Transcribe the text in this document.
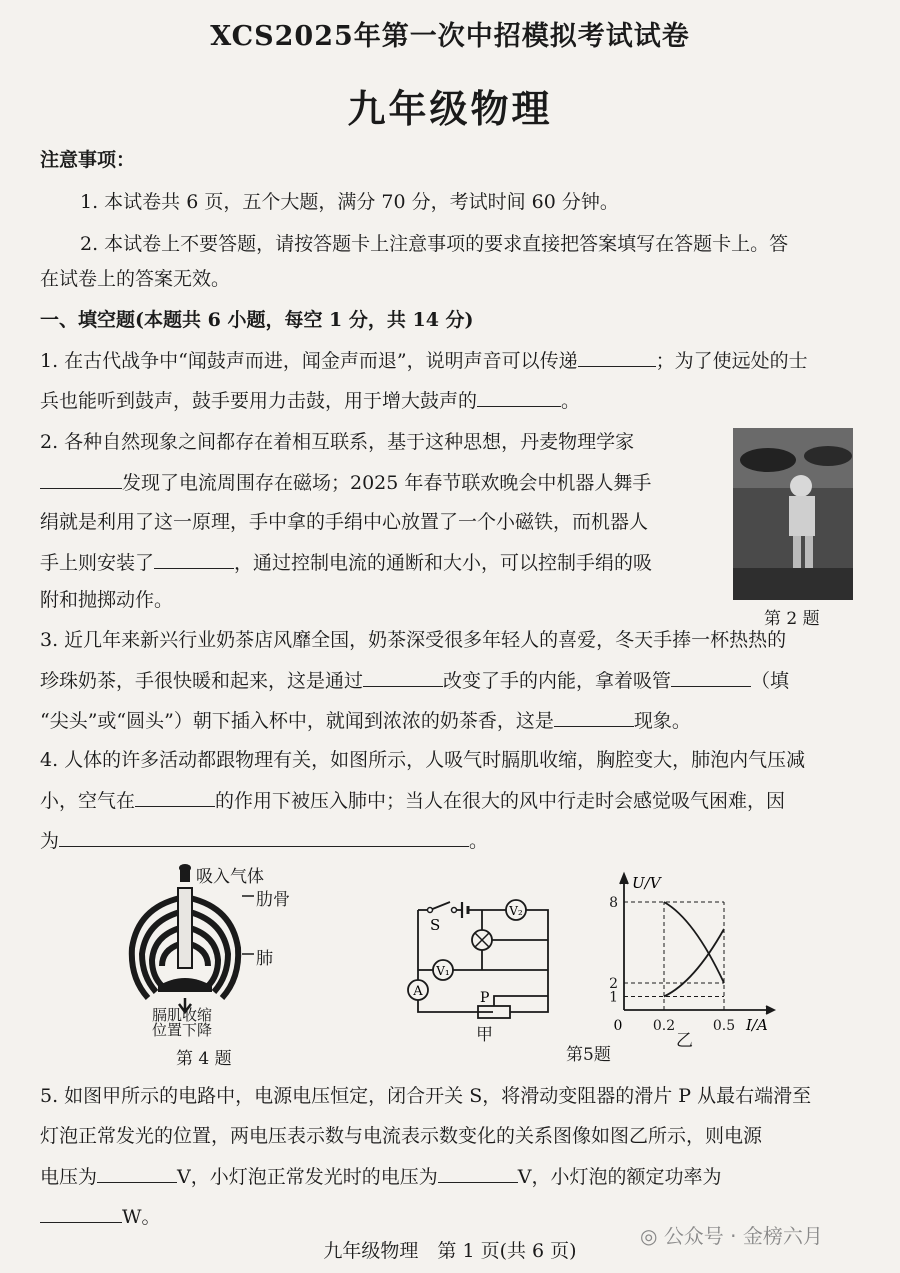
XCS2025年第一次中招模拟考试试卷
九年级物理
注意事项：
1. 本试卷共 6 页，五个大题，满分 70 分，考试时间 60 分钟。
2. 本试卷上不要答题，请按答题卡上注意事项的要求直接把答案填写在答题卡上。答
在试卷上的答案无效。
一、填空题(本题共 6 小题，每空 1 分，共 14 分)
1. 在古代战争中“闻鼓声而进，闻金声而退”，说明声音可以传递	；为了使远处的士
兵也能听到鼓声，鼓手要用力击鼓，用于增大鼓声的	。
2. 各种自然现象之间都存在着相互联系，基于这种思想，丹麦物理学家
发现了电流周围存在磁场；2025 年春节联欢晚会中机器人舞手
绢就是利用了这一原理，手中拿的手绢中心放置了一个小磁铁，而机器人
手上则安装了	，通过控制电流的通断和大小，可以控制手绢的吸
附和抛掷动作。
第 2 题
3. 近几年来新兴行业奶茶店风靡全国，奶茶深受很多年轻人的喜爱，冬天手捧一杯热热的
珍珠奶茶，手很快暖和起来，这是通过	改变了手的内能，拿着吸管	（填
“尖头”或“圆头”）朝下插入杯中，就闻到浓浓的奶茶香，这是	现象。
4. 人体的许多活动都跟物理有关，如图所示，人吸气时膈肌收缩，胸腔变大，肺泡内气压减
小，空气在	的作用下被压入肺中；当人在很大的风中行走时会感觉吸气困难，因
为	。
吸入气体
肋骨
肺
膈肌收缩
位置下降
第 4 题
S
V₂
V₁
A	P
甲
第5题
1
2
8
0.2	0.5
U/V
I/A
0
乙
5. 如图甲所示的电路中，电源电压恒定，闭合开关 S，将滑动变阻器的滑片 P 从最右端滑至
灯泡正常发光的位置，两电压表示数与电流表示数变化的关系图像如图乙所示，则电源
电压为	V，小灯泡正常发光时的电压为	V，小灯泡的额定功率为
W。
九年级物理　第 1 页(共 6 页)
◎ 公众号 · 金榜六月
